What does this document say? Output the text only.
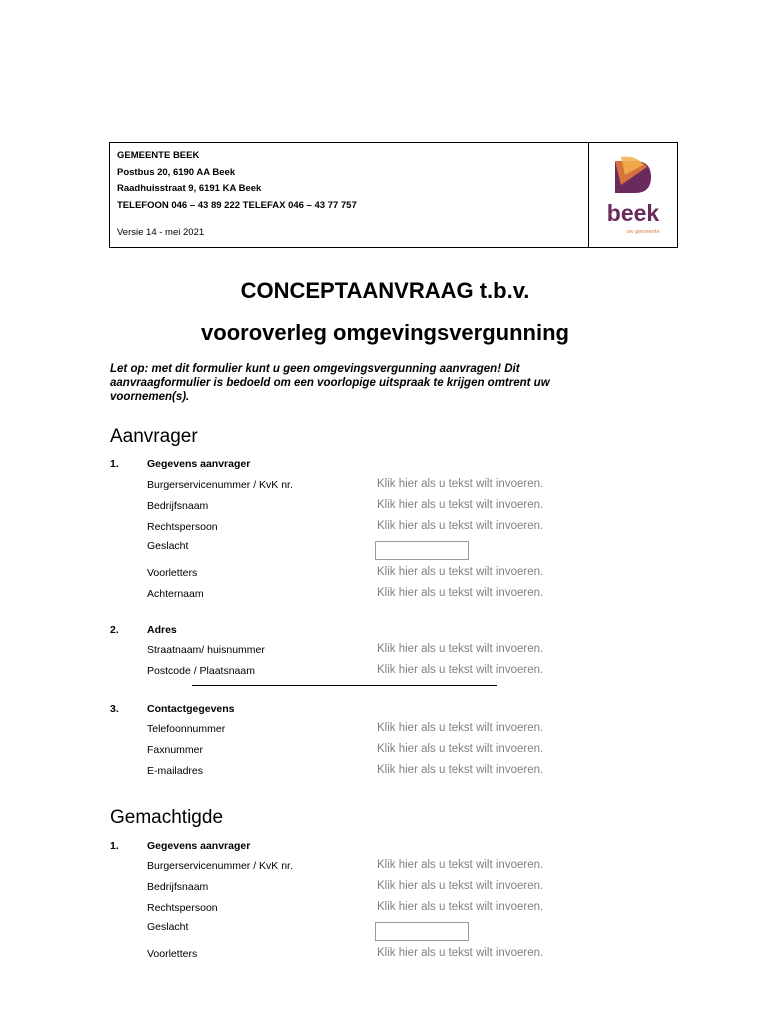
GEMEENTE BEEK
Postbus 20, 6190 AA Beek
Raadhuisstraat 9, 6191 KA Beek
TELEFOON 046 – 43 89 222 TELEFAX 046 – 43 77 757
Versie 14 - mei 2021
beek
uw gemeente
CONCEPTAANVRAAG t.b.v.
vooroverleg omgevingsvergunning
Let op: met dit formulier kunt u geen omgevingsvergunning aanvragen! Dit aanvraagformulier is bedoeld om een voorlopige uitspraak te krijgen omtrent uw voornemen(s).
Aanvrager
1.	Gegevens aanvrager
Burgerservicenummer / KvK nr.	Klik hier als u tekst wilt invoeren.
Bedrijfsnaam	Klik hier als u tekst wilt invoeren.
Rechtspersoon	Klik hier als u tekst wilt invoeren.
Geslacht
Voorletters	Klik hier als u tekst wilt invoeren.
Achternaam	Klik hier als u tekst wilt invoeren.
2.	Adres
Straatnaam/ huisnummer	Klik hier als u tekst wilt invoeren.
Postcode / Plaatsnaam	Klik hier als u tekst wilt invoeren.
3.	Contactgegevens
Telefoonnummer	Klik hier als u tekst wilt invoeren.
Faxnummer	Klik hier als u tekst wilt invoeren.
E-mailadres	Klik hier als u tekst wilt invoeren.
Gemachtigde
1.	Gegevens aanvrager
Burgerservicenummer / KvK nr.	Klik hier als u tekst wilt invoeren.
Bedrijfsnaam	Klik hier als u tekst wilt invoeren.
Rechtspersoon	Klik hier als u tekst wilt invoeren.
Geslacht
Voorletters	Klik hier als u tekst wilt invoeren.
